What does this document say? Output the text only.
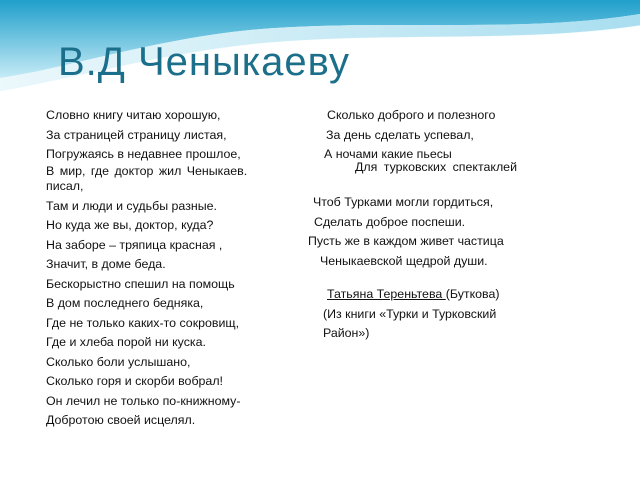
В.Д Ченыкаеву
Словно книгу читаю хорошую,
За страницей страницу листая,
Погружаясь в недавнее прошлое,
В мир, где доктор жил Ченыкаев.
писал,
Там и люди и судьбы разные.
Но куда же вы, доктор, куда?
На заборе – тряпица красная ,
Значит, в доме беда.
Бескорыстно спешил на помощь
В дом последнего бедняка,
Где не только каких-то сокровищ,
Где и хлеба порой ни куска.
Сколько боли услышано,
Сколько горя и скорби вобрал!
Он лечил не только по-книжному-
Добротою своей исцелял.
Сколько доброго и полезного
За день сделать успевал,
А ночами какие пьесы
Для турковских спектаклей
Чтоб Турками могли гордиться,
Сделать доброе поспеши.
Пусть же в каждом живет частица
Ченыкаевской щедрой души.
Татьяна Тереньтева (Буткова)
(Из книги «Турки и Турковский
Район»)
